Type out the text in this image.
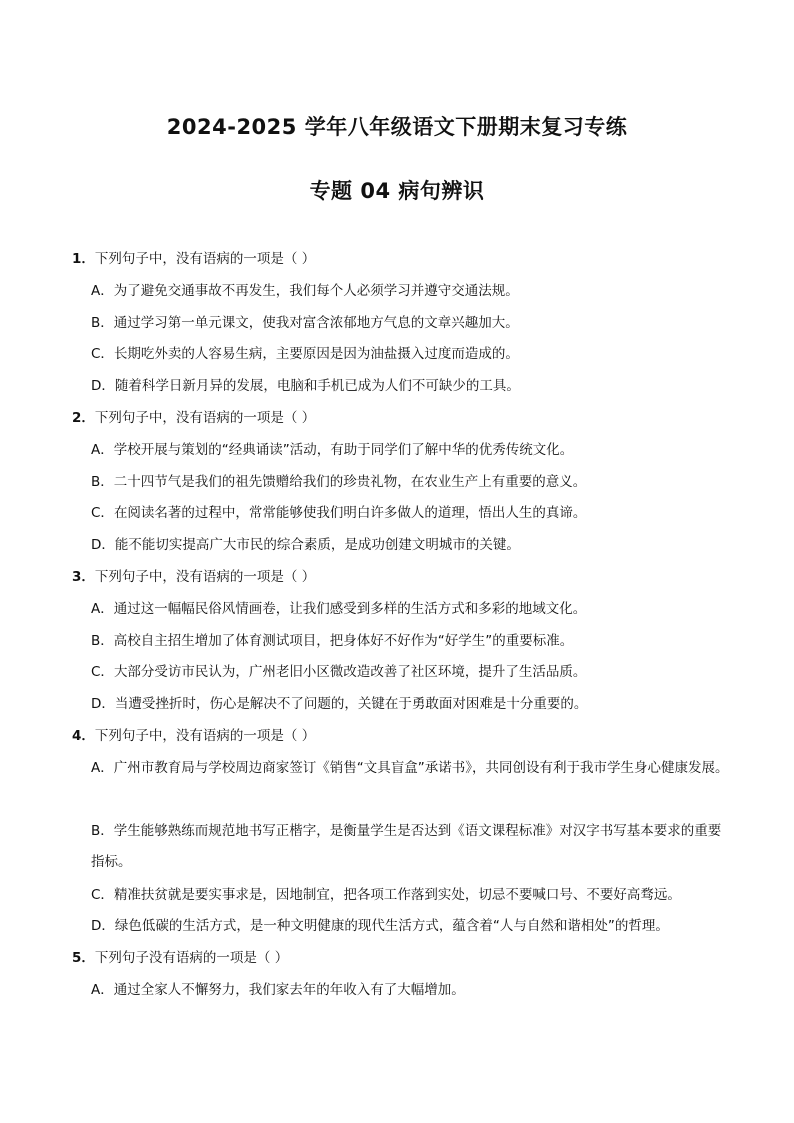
2024-2025 学年八年级语文下册期末复习专练
专题 04 病句辨识
1．下列句子中，没有语病的一项是（ ）
A．为了避免交通事故不再发生，我们每个人必须学习并遵守交通法规。
B．通过学习第一单元课文，使我对富含浓郁地方气息的文章兴趣加大。
C．长期吃外卖的人容易生病，主要原因是因为油盐摄入过度而造成的。
D．随着科学日新月异的发展，电脑和手机已成为人们不可缺少的工具。
2．下列句子中，没有语病的一项是（ ）
A．学校开展与策划的“经典诵读”活动，有助于同学们了解中华的优秀传统文化。
B．二十四节气是我们的祖先馈赠给我们的珍贵礼物，在农业生产上有重要的意义。
C．在阅读名著的过程中，常常能够使我们明白许多做人的道理，悟出人生的真谛。
D．能不能切实提高广大市民的综合素质，是成功创建文明城市的关键。
3．下列句子中，没有语病的一项是（ ）
A．通过这一幅幅民俗风情画卷，让我们感受到多样的生活方式和多彩的地域文化。
B．高校自主招生增加了体育测试项目，把身体好不好作为“好学生”的重要标准。
C．大部分受访市民认为，广州老旧小区微改造改善了社区环境，提升了生活品质。
D．当遭受挫折时，伤心是解决不了问题的，关键在于勇敢面对困难是十分重要的。
4．下列句子中，没有语病的一项是（ ）
A．广州市教育局与学校周边商家签订《销售“文具盲盒”承诺书》，共同创设有利于我市学生身心健康发展。
B．学生能够熟练而规范地书写正楷字，是衡量学生是否达到《语文课程标准》对汉字书写基本要求的重要指标。
C．精准扶贫就是要实事求是，因地制宜，把各项工作落到实处，切忌不要喊口号、不要好高骛远。
D．绿色低碳的生活方式，是一种文明健康的现代生活方式，蕴含着“人与自然和谐相处”的哲理。
5．下列句子没有语病的一项是（ ）
A．通过全家人不懈努力，我们家去年的年收入有了大幅增加。
